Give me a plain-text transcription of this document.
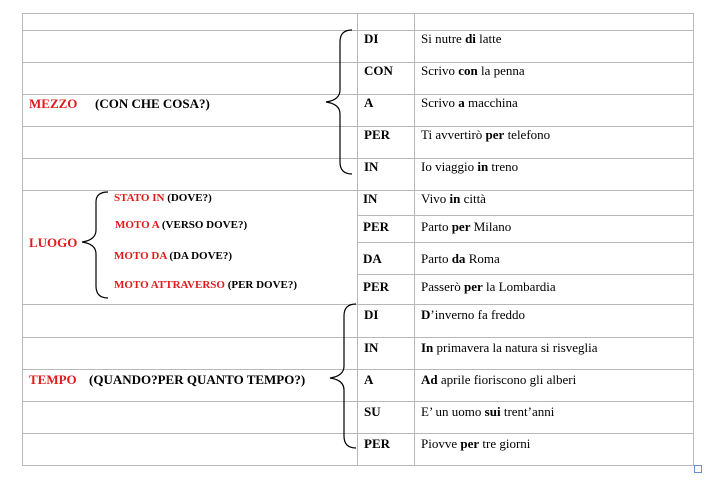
MEZZO (CON CHE COSA?)
DI	Si nutre di latte
CON Scrivo con la penna
A	Scrivo a macchina
PER Ti avvertirò per telefono
IN	Io viaggio in treno
LUOGO
STATO IN (DOVE?)
MOTO A (VERSO DOVE?)
MOTO DA (DA DOVE?)
MOTO ATTRAVERSO (PER DOVE?)
IN	Vivo in città
PER Parto per Milano
DA	Parto da Roma
PER Passerò per la Lombardia
TEMPO (QUANDO?PER QUANTO TEMPO?)
DI	D’inverno fa freddo
IN	In primavera la natura si risveglia
A	Ad aprile fioriscono gli alberi
SU	E’ un uomo sui trent’anni
PER Piovve per tre giorni
